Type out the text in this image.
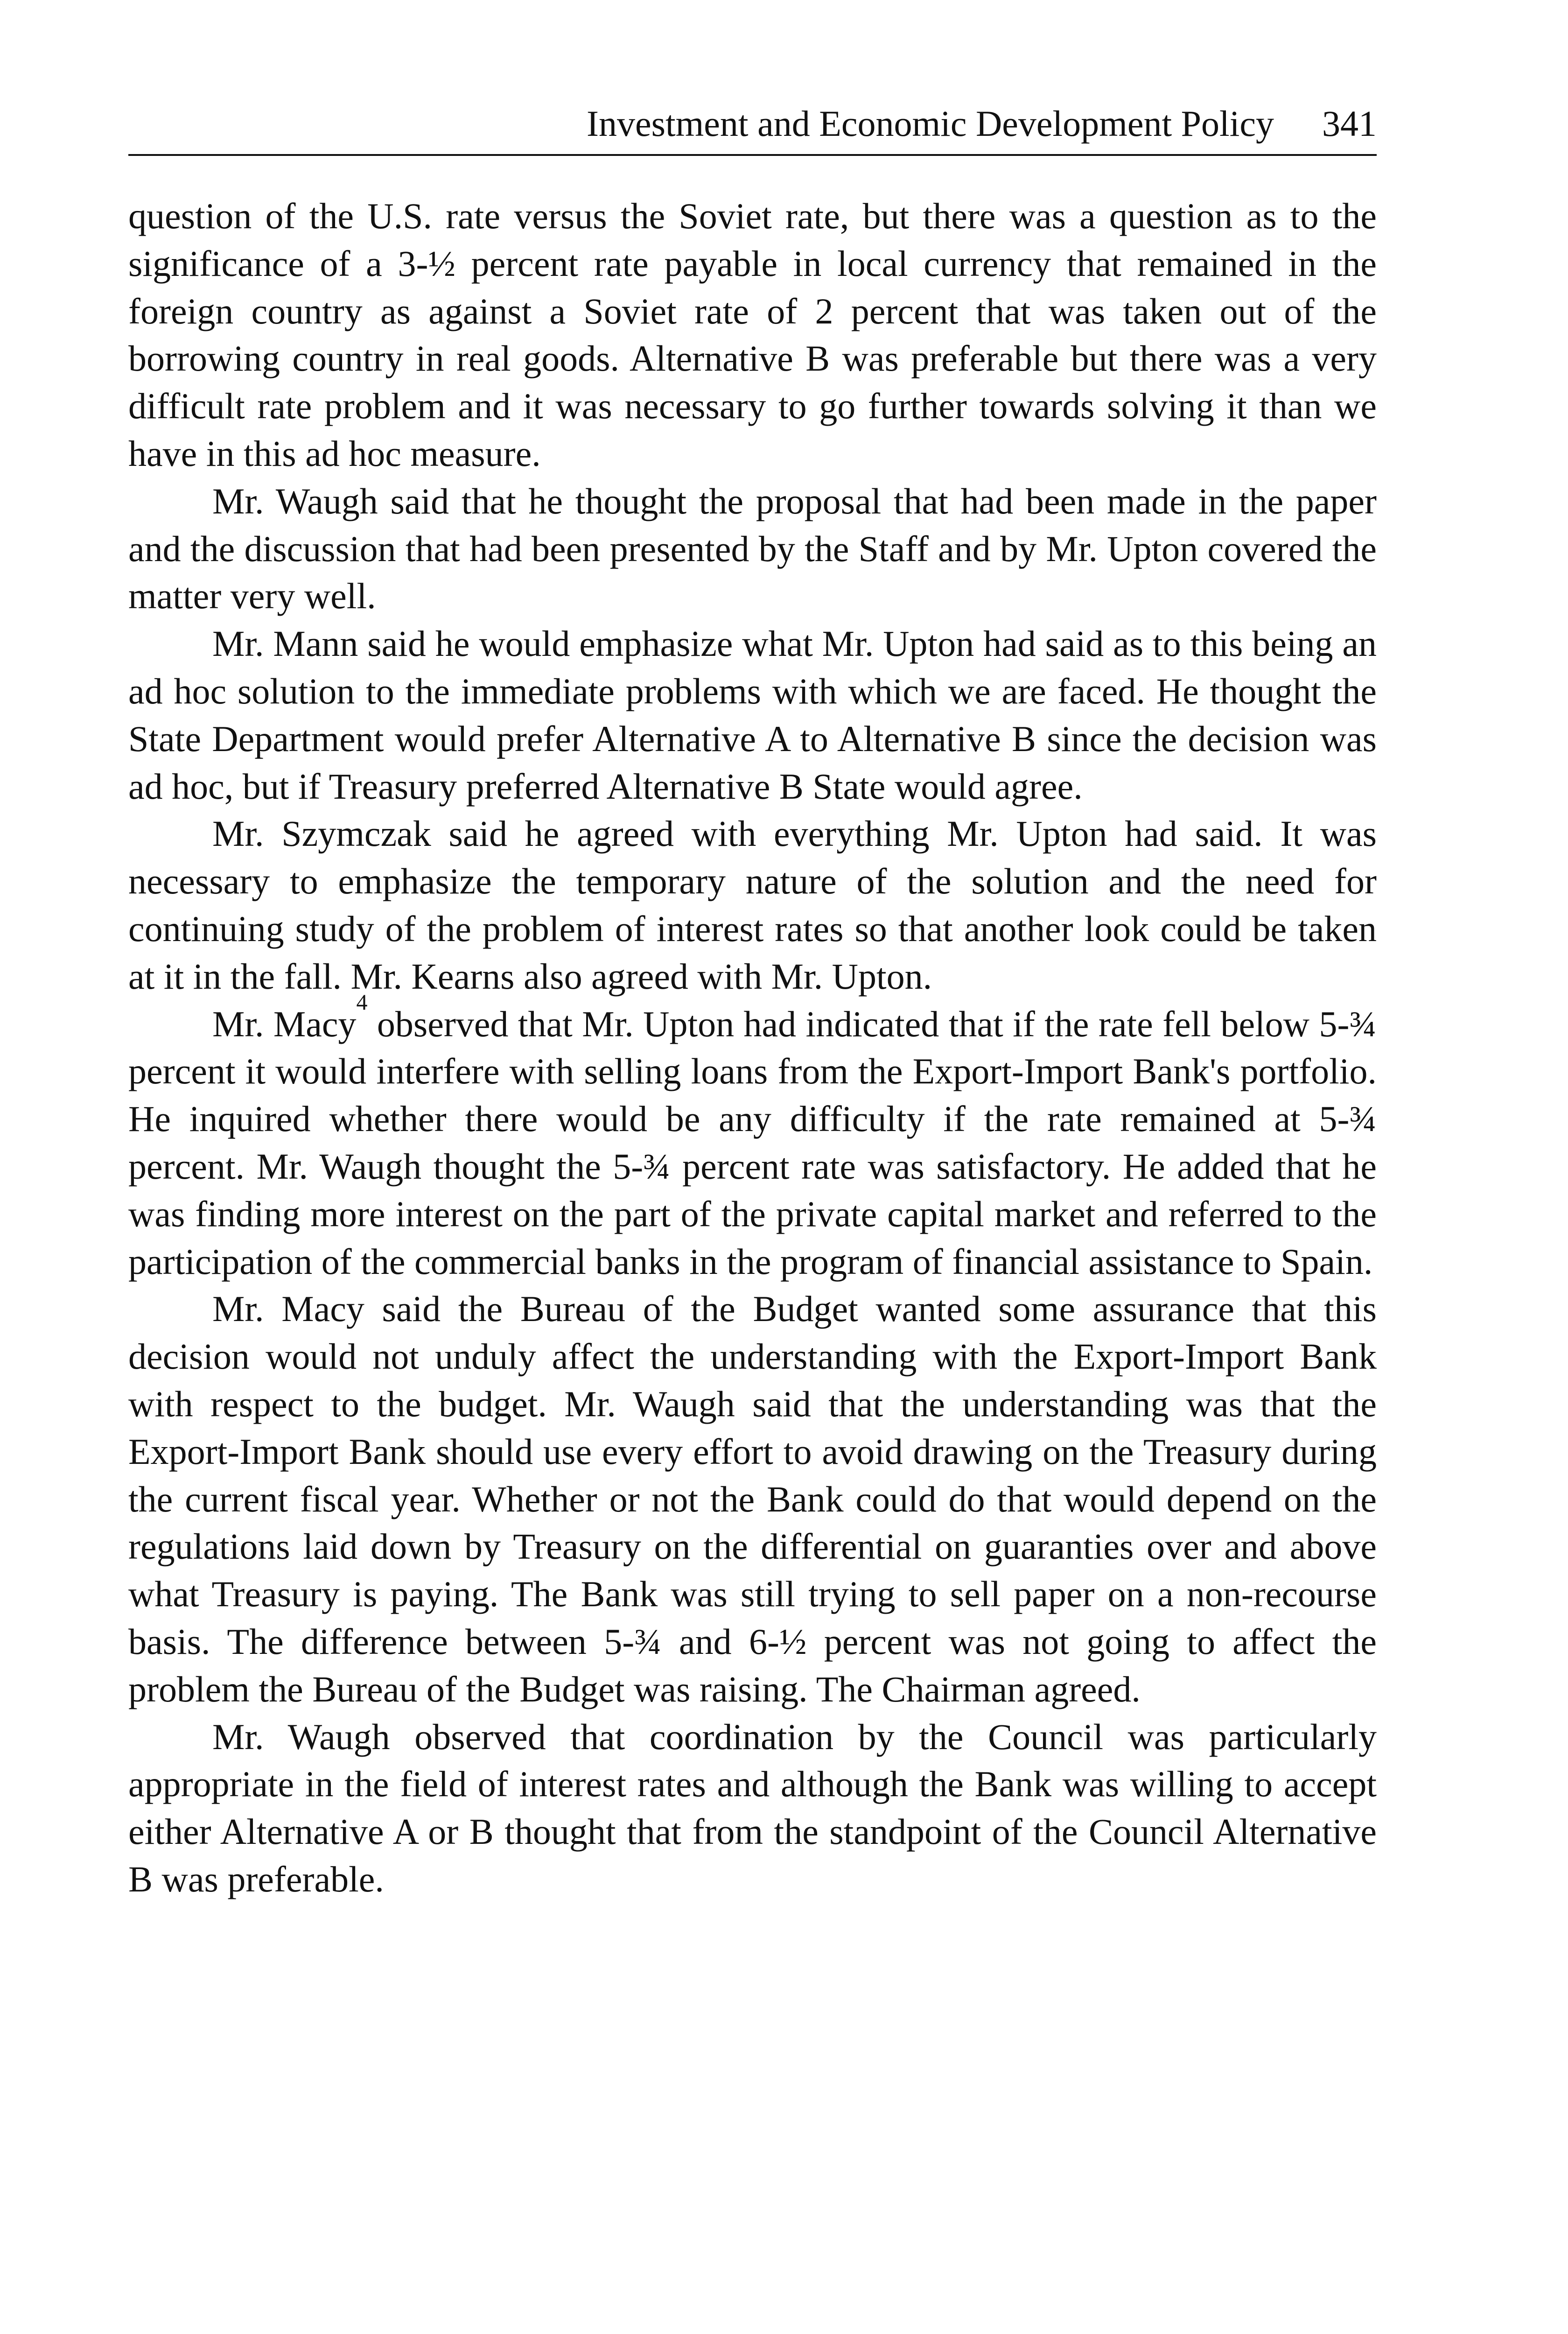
Investment and Economic Development Policy 341

question of the U.S. rate versus the Soviet rate, but there was a question as to the significance of a 3-½ percent rate payable in local currency that remained in the foreign country as against a Soviet rate of 2 percent that was taken out of the borrowing country in real goods. Alternative B was preferable but there was a very difficult rate problem and it was necessary to go further towards solving it than we have in this ad hoc measure.

Mr. Waugh said that he thought the proposal that had been made in the paper and the discussion that had been presented by the Staff and by Mr. Upton covered the matter very well.

Mr. Mann said he would emphasize what Mr. Upton had said as to this being an ad hoc solution to the immediate problems with which we are faced. He thought the State Department would prefer Alternative A to Alternative B since the decision was ad hoc, but if Treasury preferred Alternative B State would agree.

Mr. Szymczak said he agreed with everything Mr. Upton had said. It was necessary to emphasize the temporary nature of the solution and the need for continuing study of the problem of interest rates so that another look could be taken at it in the fall. Mr. Kearns also agreed with Mr. Upton.

Mr. Macy$^4$ observed that Mr. Upton had indicated that if the rate fell below 5-¾ percent it would interfere with selling loans from the Export-Import Bank's portfolio. He inquired whether there would be any difficulty if the rate remained at 5-¾ percent. Mr. Waugh thought the 5-¾ percent rate was satisfactory. He added that he was finding more interest on the part of the private capital market and referred to the participation of the commercial banks in the program of financial assistance to Spain.

Mr. Macy said the Bureau of the Budget wanted some assurance that this decision would not unduly affect the understanding with the Export-Import Bank with respect to the budget. Mr. Waugh said that the understanding was that the Export-Import Bank should use every effort to avoid drawing on the Treasury during the current fiscal year. Whether or not the Bank could do that would depend on the regulations laid down by Treasury on the differential on guaranties over and above what Treasury is paying. The Bank was still trying to sell paper on a non-recourse basis. The difference between 5-¾ and 6-½ percent was not going to affect the problem the Bureau of the Budget was raising. The Chairman agreed.

Mr. Waugh observed that coordination by the Council was particularly appropriate in the field of interest rates and although the Bank was willing to accept either Alternative A or B thought that from the standpoint of the Council Alternative B was preferable.
